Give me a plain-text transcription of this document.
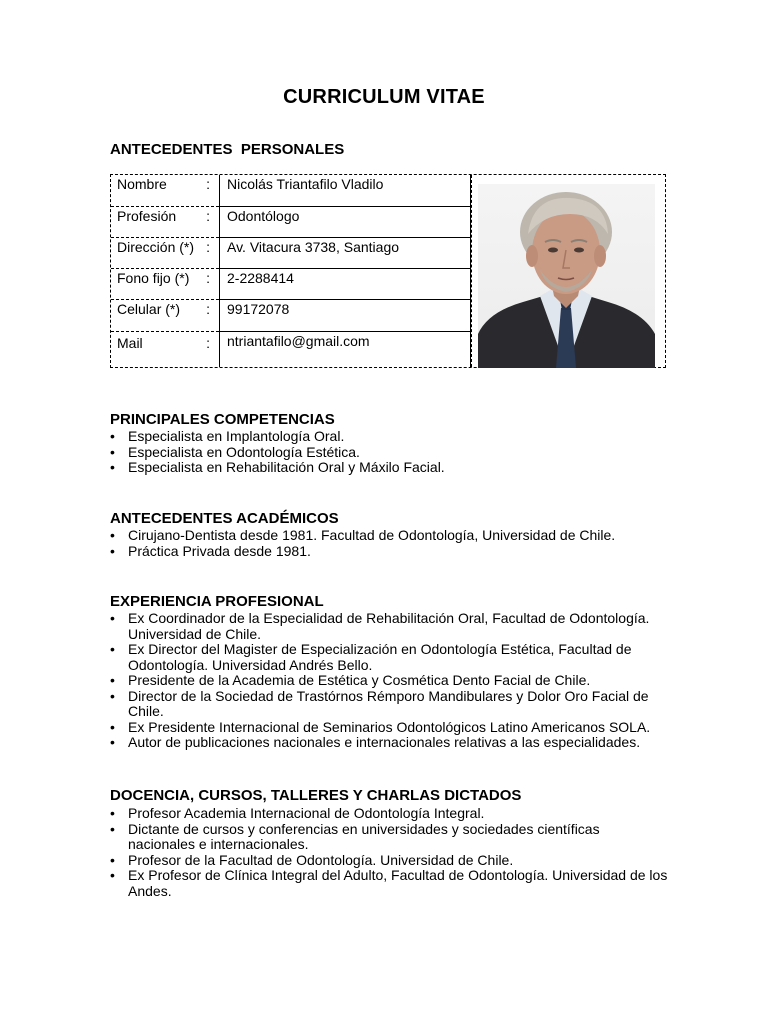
CURRICULUM VITAE
ANTECEDENTES  PERSONALES
Nombre	:
Profesión :
Dirección (*) :
Fono fijo (*) :
Celular (*) :
Mail	:
Nicolás Triantafilo Vladilo
Odontólogo
Av. Vitacura 3738, Santiago
2-2288414
99172078
ntriantafilo@gmail.com
PRINCIPALES COMPETENCIAS
• Especialista en Implantología Oral.
• Especialista en Odontología Estética.
• Especialista en Rehabilitación Oral y Máxilo Facial.
ANTECEDENTES ACADÉMICOS
• Cirujano-Dentista desde 1981. Facultad de Odontología, Universidad de Chile.
• Práctica Privada desde 1981.
EXPERIENCIA PROFESIONAL
• Ex Coordinador de la Especialidad de Rehabilitación Oral, Facultad de Odontología. Universidad de Chile.
• Ex Director del Magister de Especialización en Odontología Estética, Facultad de Odontología. Universidad Andrés Bello.
• Presidente de la Academia de Estética y Cosmética Dento Facial de Chile.
• Director de la Sociedad de Trastórnos Rémporo Mandibulares y Dolor Oro Facial de Chile.
• Ex Presidente Internacional de Seminarios Odontológicos Latino Americanos SOLA.
• Autor de publicaciones nacionales e internacionales relativas a las especialidades.
DOCENCIA, CURSOS, TALLERES Y CHARLAS DICTADOS
• Profesor Academia Internacional de Odontología Integral.
• Dictante de cursos y conferencias en universidades y sociedades científicas nacionales e internacionales.
• Profesor de la Facultad de Odontología. Universidad de Chile.
• Ex Profesor de Clínica Integral del Adulto, Facultad de Odontología. Universidad de los Andes.
